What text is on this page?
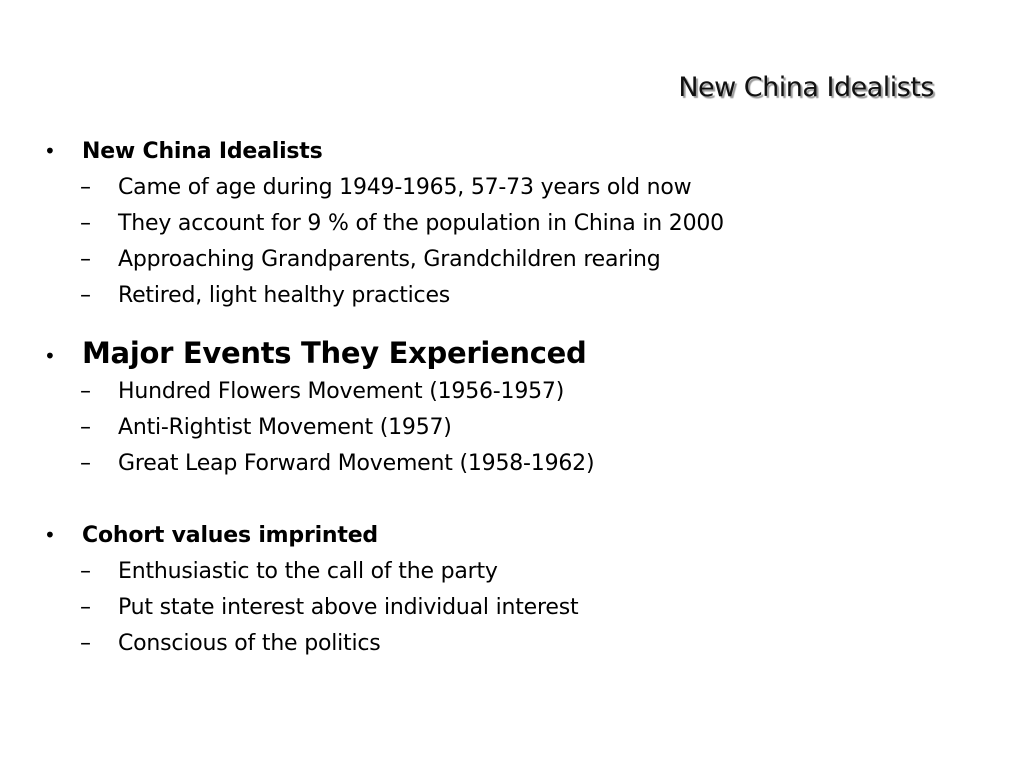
New China Idealists
•	New China Idealists
–	Came of age during 1949-1965, 57-73 years old now
–	They account for 9 % of the population in China in 2000
–	Approaching Grandparents, Grandchildren rearing
–	Retired, light healthy practices
• Major Events They Experienced
–	Hundred Flowers Movement (1956-1957)
–	Anti-Rightist Movement (1957)
–	Great Leap Forward Movement (1958-1962)
•	Cohort values imprinted
–	Enthusiastic to the call of the party
–	Put state interest above individual interest
–	Conscious of the politics
